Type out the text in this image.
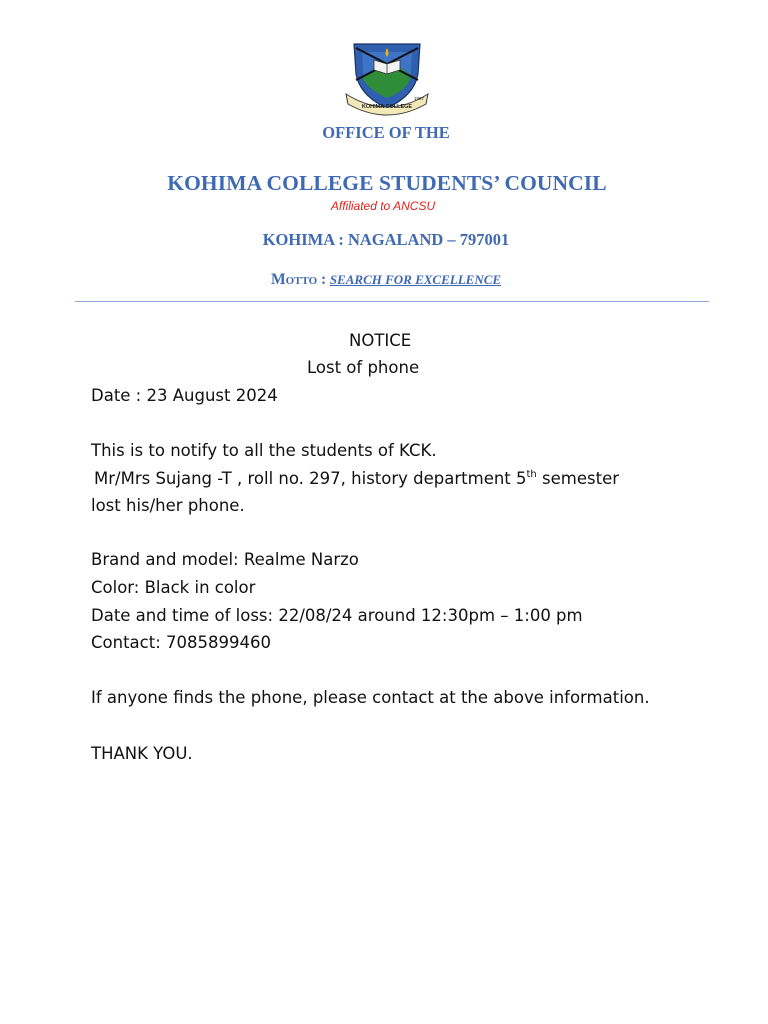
KOHIMA COLLEGE
1967
OFFICE OF THE
KOHIMA COLLEGE STUDENTS’ COUNCIL
Affiliated to ANCSU
KOHIMA : NAGALAND – 797001
Motto : SEARCH FOR EXCELLENCE
NOTICE
Lost of phone
Date : 23 August 2024
This is to notify to all the students of KCK.
Mr/Mrs Sujang -T , roll no. 297, history department 5th semester
lost his/her phone.
Brand and model: Realme Narzo
Color: Black in color
Date and time of loss: 22/08/24 around 12:30pm – 1:00 pm
Contact: 7085899460
If anyone finds the phone, please contact at the above information.
THANK YOU.
